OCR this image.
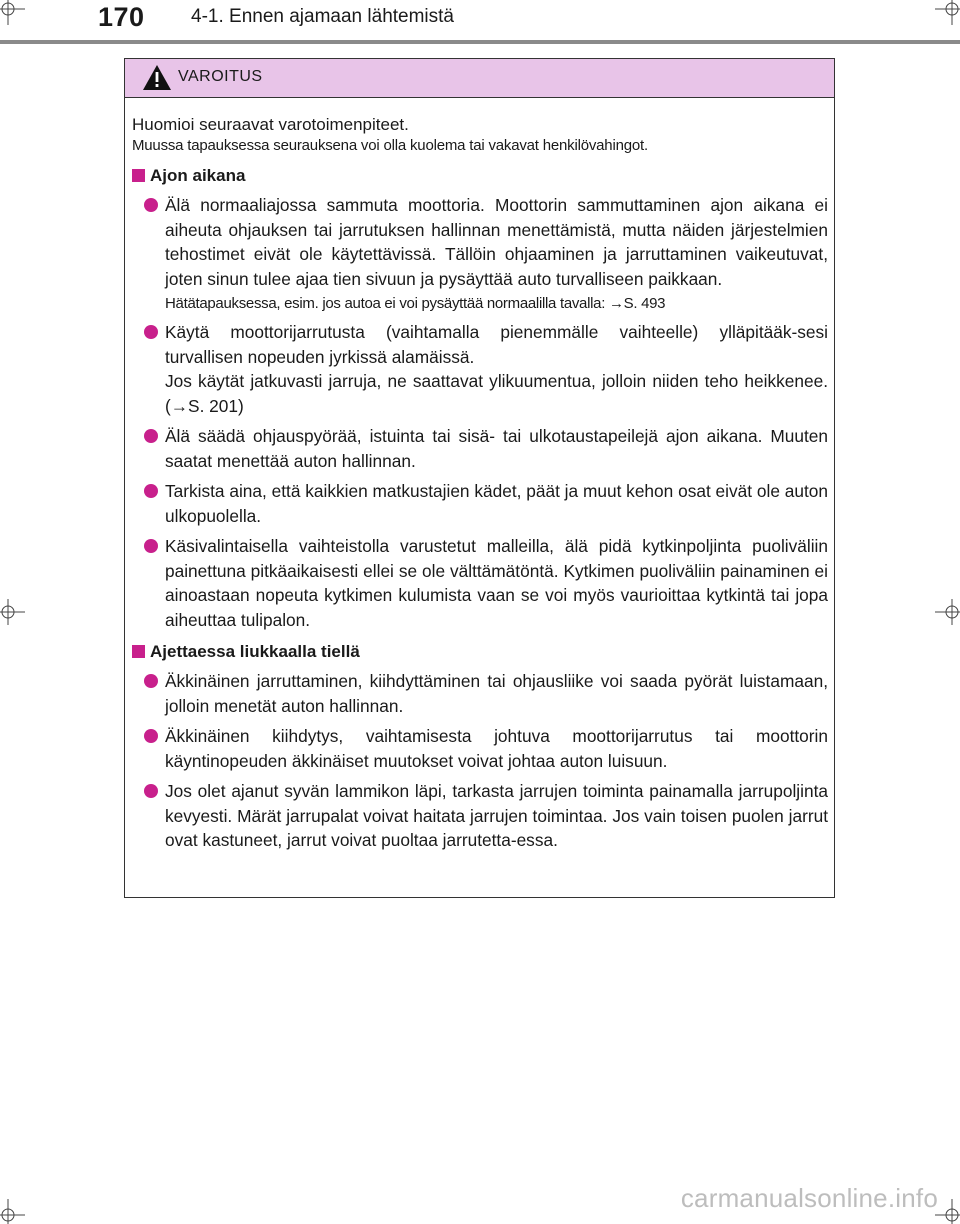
170 4-1. Ennen ajamaan lähtemistä
VAROITUS
Huomioi seuraavat varotoimenpiteet.
Muussa tapauksessa seurauksena voi olla kuolema tai vakavat henkilövahingot.
Ajon aikana

Älä normaaliajossa sammuta moottoria. Moottorin sammuttaminen ajon aikana ei aiheuta ohjauksen tai jarrutuksen hallinnan menettämistä, mutta näiden järjestelmien tehostimet eivät ole käytettävissä. Tällöin ohjaaminen ja jarruttaminen vaikeutuvat, joten sinun tulee ajaa tien sivuun ja pysäyttää auto turvalliseen paikkaan.

Hätätapauksessa, esim. jos autoa ei voi pysäyttää normaalilla tavalla: →S. 493

Käytä moottorijarrutusta (vaihtamalla pienemmälle vaihteelle) ylläpitääk-sesi turvallisen nopeuden jyrkissä alamäissä.

Jos käytät jatkuvasti jarruja, ne saattavat ylikuumentua, jolloin niiden teho heikkenee. (→S. 201)

Älä säädä ohjauspyörää, istuinta tai sisä- tai ulkotaustapeilejä ajon aikana. Muuten saatat menettää auton hallinnan.

Tarkista aina, että kaikkien matkustajien kädet, päät ja muut kehon osat eivät ole auton ulkopuolella.

Käsivalintaisella vaihteistolla varustetut malleilla, älä pidä kytkinpoljinta puoliväliin painettuna pitkäaikaisesti ellei se ole välttämätöntä. Kytkimen puoliväliin painaminen ei ainoastaan nopeuta kytkimen kulumista vaan se voi myös vaurioittaa kytkintä tai jopa aiheuttaa tulipalon.

Ajettaessa liukkaalla tiellä

Äkkinäinen jarruttaminen, kiihdyttäminen tai ohjausliike voi saada pyörät luistamaan, jolloin menetät auton hallinnan.

Äkkinäinen kiihdytys, vaihtamisesta johtuva moottorijarrutus tai moottorin käyntinopeuden äkkinäiset muutokset voivat johtaa auton luisuun.

Jos olet ajanut syvän lammikon läpi, tarkasta jarrujen toiminta painamalla jarrupoljinta kevyesti. Märät jarrupalat voivat haitata jarrujen toimintaa. Jos vain toisen puolen jarrut ovat kastuneet, jarrut voivat puoltaa jarrutetta-essa.

carmanualsonline.info
